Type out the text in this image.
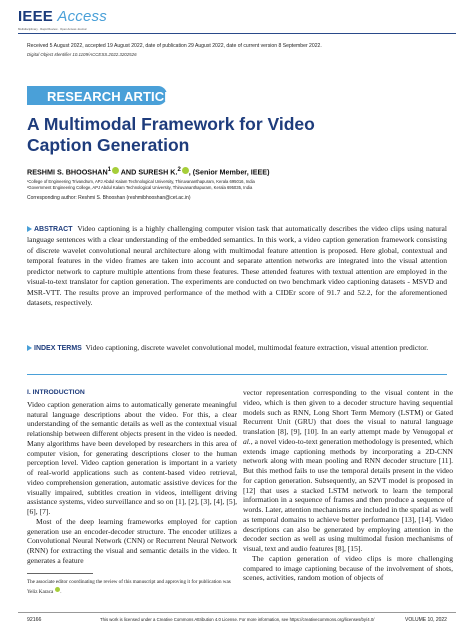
IEEE Access
Multidisciplinary · Rapid Review · Open Access Journal
Received 5 August 2022, accepted 19 August 2022, date of publication 29 August 2022, date of current version 8 September 2022.
Digital Object Identifier 10.1109/ACCESS.2022.3202526
RESEARCH ARTICLE
A Multimodal Framework for Video Caption Generation
RESHMI S. BHOOSHAN$^1$ AND SURESH K.$^2$ , (Senior Member, IEEE)
¹College of Engineering Trivandrum, APJ Abdul Kalam Technological University, Thiruvananthapuram, Kerala 695016, India
²Government Engineering College, APJ Abdul Kalam Technological University, Thiruvananthapuram, Kerala 695035, India
Corresponding author: Reshmi S. Bhooshan (reshmibhooshan@cet.ac.in)
ABSTRACT Video captioning is a highly challenging computer vision task that automatically describes the video clips using natural language sentences with a clear understanding of the embedded semantics. In this work, a video caption generation framework consisting of discrete wavelet convolutional neural architecture along with multimodal feature attention is proposed. Here global, contextual and temporal features in the video frames are taken into account and separate attention networks are integrated into the visual attention predictor network to capture multiple attentions from these features. These attended features with textual attention are employed in the visual-to-text translator for caption generation. The experiments are conducted on two benchmark video captioning datasets - MSVD and MSR-VTT. The results prove an improved performance of the method with a CIDEr score of 91.7 and 52.2, for the aforementioned datasets, respectively.
INDEX TERMS Video captioning, discrete wavelet convolutional model, multimodal feature extraction, visual attention predictor.
I. INTRODUCTION

Video caption generation aims to automatically generate meaningful natural language descriptions about the video. For this, a clear understanding of the semantic details as well as the contextual visual relationship between different objects present in the video is needed. Many algorithms have been developed by researchers in this area of computer vision, for generating descriptions closer to the human perception level. Video caption generation is important in a variety of real-world applications such as content-based video retrieval, video comprehension generation, automatic assistive devices for the visually impaired, subtitles creation in videos, intelligent driving assistance systems, video surveillance and so on [1], [2], [3], [4], [5], [6], [7].

Most of the deep learning frameworks employed for caption generation use an encoder-decoder structure. The encoder utilizes a Convolutional Neural Network (CNN) or Recurrent Neural Network (RNN) for extracting the visual and semantic details in the video. It generates a feature

vector representation corresponding to the visual content in the video, which is then given to a decoder structure having sequential models such as RNN, Long Short Term Memory (LSTM) or Gated Recurrent Unit (GRU) that does the visual to natural language translation [8], [9], [10]. In an early attempt made by Venugopal et al., a novel video-to-text generation methodology is presented, which extends image captioning methods by incorporating a 2D-CNN network along with mean pooling and RNN decoder structure [11]. But this method fails to use the temporal details present in the video for caption generation. Subsequently, an S2VT model is proposed in [12] that uses a stacked LSTM network to learn the temporal information in a sequence of frames and then produce a sequence of words. Later, attention mechanisms are included in the spatial as well as temporal domains to achieve better performance [13], [14]. Video descriptions can also be generated by employing attention in the decoder section as well as using multimodal fusion mechanisms of visual, text and audio features [8], [15].

The caption generation of video clips is more challenging compared to image captioning because of the involvement of shots, scenes, activities, random motion of objects of

The associate editor coordinating the review of this manuscript and approving it for publication was Yeliz Karaca .
92166	This work is licensed under a Creative Commons Attribution 4.0 License. For more information, see https://creativecommons.org/licenses/by/4.0/	VOLUME 10, 2022
